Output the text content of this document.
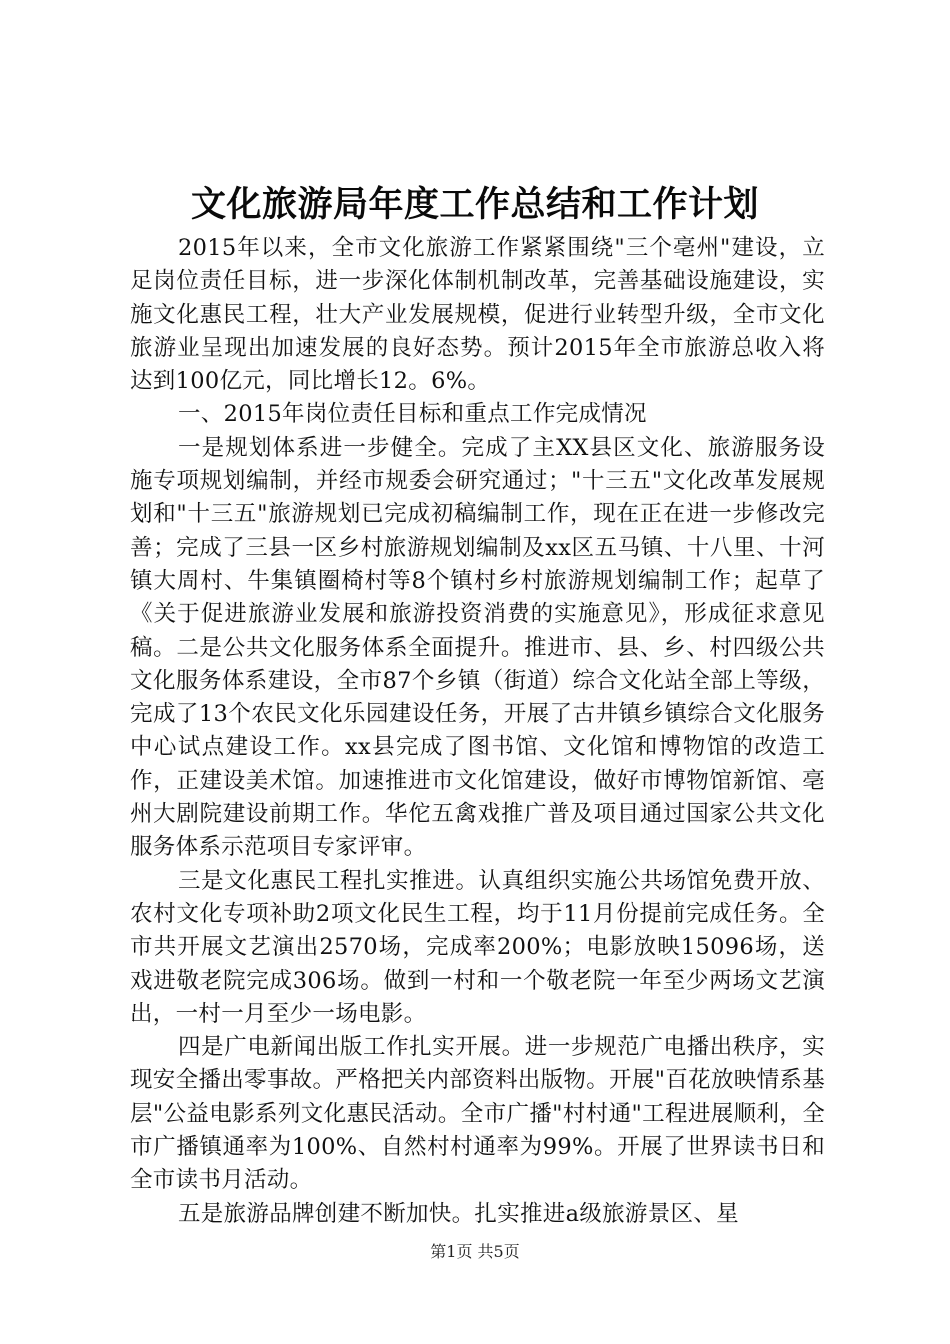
文化旅游局年度工作总结和工作计划

2015年以来，全市文化旅游工作紧紧围绕"三个亳州"建设，立足岗位责任目标，进一步深化体制机制改革，完善基础设施建设，实施文化惠民工程，壮大产业发展规模，促进行业转型升级，全市文化旅游业呈现出加速发展的良好态势。预计2015年全市旅游总收入将达到100亿元，同比增长12。6%。

一、2015年岗位责任目标和重点工作完成情况

一是规划体系进一步健全。完成了主XX县区文化、旅游服务设施专项规划编制，并经市规委会研究通过；"十三五"文化改革发展规划和"十三五"旅游规划已完成初稿编制工作，现在正在进一步修改完善；完成了三县一区乡村旅游规划编制及xx区五马镇、十八里、十河镇大周村、牛集镇圈椅村等8个镇村乡村旅游规划编制工作；起草了《关于促进旅游业发展和旅游投资消费的实施意见》，形成征求意见稿。二是公共文化服务体系全面提升。推进市、县、乡、村四级公共文化服务体系建设，全市87个乡镇（街道）综合文化站全部上等级，完成了13个农民文化乐园建设任务，开展了古井镇乡镇综合文化服务中心试点建设工作。xx县完成了图书馆、文化馆和博物馆的改造工作，正建设美术馆。加速推进市文化馆建设，做好市博物馆新馆、亳州大剧院建设前期工作。华佗五禽戏推广普及项目通过国家公共文化服务体系示范项目专家评审。

三是文化惠民工程扎实推进。认真组织实施公共场馆免费开放、农村文化专项补助2项文化民生工程，均于11月份提前完成任务。全市共开展文艺演出2570场，完成率200%；电影放映15096场，送戏进敬老院完成306场。做到一村和一个敬老院一年至少两场文艺演出，一村一月至少一场电影。

四是广电新闻出版工作扎实开展。进一步规范广电播出秩序，实现安全播出零事故。严格把关内部资料出版物。开展"百花放映情系基层"公益电影系列文化惠民活动。全市广播"村村通"工程进展顺利，全市广播镇通率为100%、自然村村通率为99%。开展了世界读书日和全市读书月活动。

五是旅游品牌创建不断加快。扎实推进a级旅游景区、星

第1页 共5页
